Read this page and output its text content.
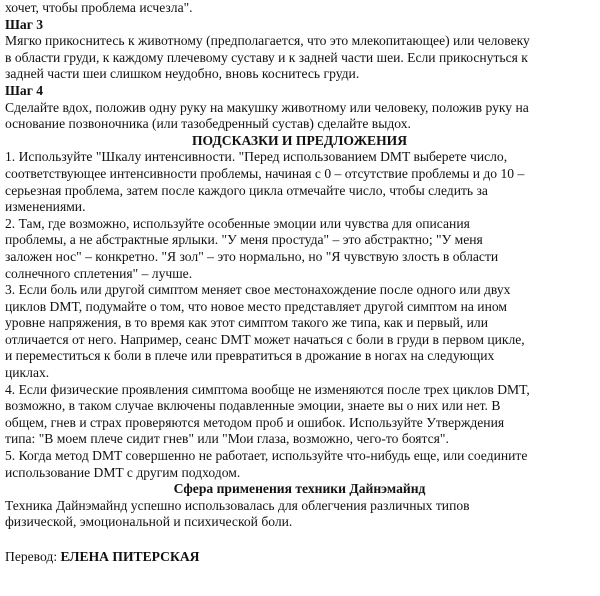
хочет, чтобы проблема исчезла".
Шаг 3
Мягко прикоснитесь к животному (предполагается, что это млекопитающее) или человеку
в области груди, к каждому плечевому суставу и к задней части шеи. Если прикоснуться к
задней части шеи слишком неудобно, вновь коснитесь груди.
Шаг 4
Сделайте вдох, положив одну руку на макушку животному или человеку, положив руку на
основание позвоночника (или тазобедренный сустав) сделайте выдох.
ПОДСКАЗКИ И ПРЕДЛОЖЕНИЯ
1. Используйте "Шкалу интенсивности. "Перед использованием DMT выберете число,
соответствующее интенсивности проблемы, начиная с 0 – отсутствие проблемы и до 10 –
серьезная проблема, затем после каждого цикла отмечайте число, чтобы следить за
изменениями.
2. Там, где возможно, используйте особенные эмоции или чувства для описания
проблемы, а не абстрактные ярлыки. "У меня простуда" – это абстрактно; "У меня
заложен нос" – конкретно. "Я зол" – это нормально, но "Я чувствую злость в области
солнечного сплетения" – лучше.
3. Если боль или другой симптом меняет свое местонахождение после одного или двух
циклов DMT, подумайте о том, что новое место представляет другой симптом на ином
уровне напряжения, в то время как этот симптом такого же типа, как и первый, или
отличается от него. Например, сеанс DMT может начаться с боли в груди в первом цикле,
и переместиться к боли в плече или превратиться в дрожание в ногах на следующих
циклах.
4. Если физические проявления симптома вообще не изменяются после трех циклов DMT,
возможно, в таком случае включены подавленные эмоции, знаете вы о них или нет. В
общем, гнев и страх проверяются методом проб и ошибок. Используйте Утверждения
типа: "В моем плече сидит гнев" или "Мои глаза, возможно, чего-то боятся".
5. Когда метод DMT совершенно не работает, используйте что-нибудь еще, или соедините
использование DMT с другим подходом.
Сфера применения техники Дайнэмайнд
Техника Дайнэмайнд успешно использовалась для облегчения различных типов
физической, эмоциональной и психической боли.
Перевод: ЕЛЕНА ПИТЕРСКАЯ
